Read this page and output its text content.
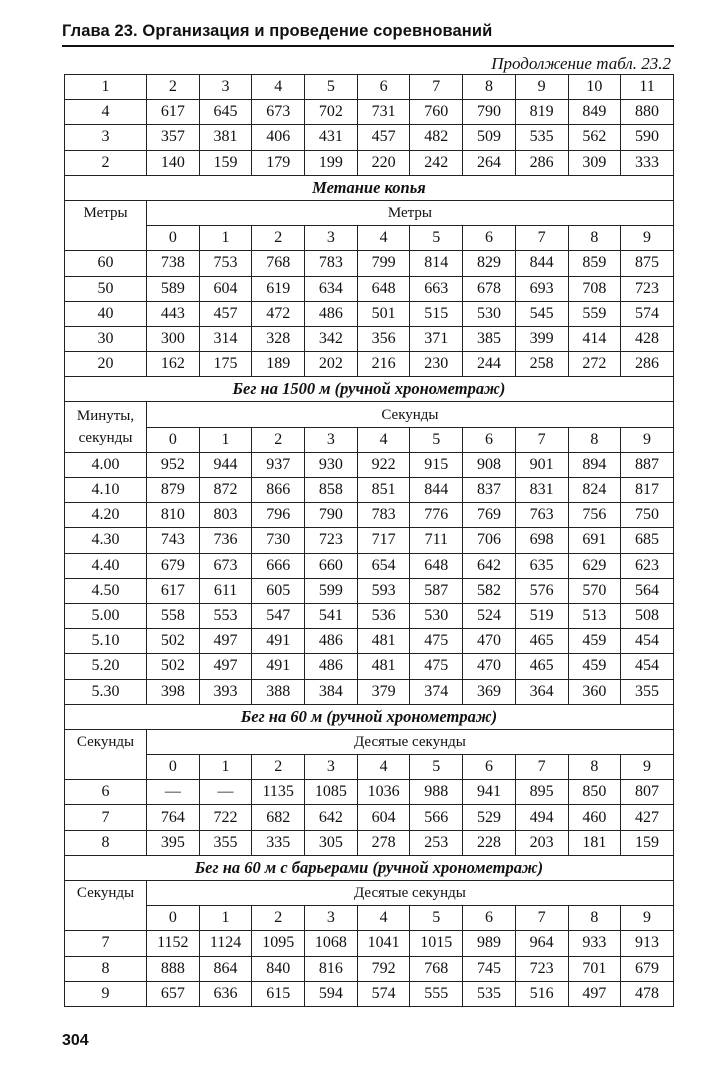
Глава 23. Организация и проведение соревнований
Продолжение табл. 23.2
1	2	3	4	5	6	7	8	9	10	11
4	617	645	673	702	731	760	790	819	849	880
3	357	381	406	431	457	482	509	535	562	590
2	140	159	179	199	220	242	264	286	309	333
Метание копья										
Метры	Метры									
	0	1	2	3	4	5	6	7	8	9
60	738	753	768	783	799	814	829	844	859	875
50	589	604	619	634	648	663	678	693	708	723
40	443	457	472	486	501	515	530	545	559	574
30	300	314	328	342	356	371	385	399	414	428
20	162	175	189	202	216	230	244	258	272	286
Бег на 1500 м (ручной хронометраж)										

Минуты,
секунды	Секунды									
	0	1	2	3	4	5	6	7	8	9
4.00	952	944	937	930	922	915	908	901	894	887
4.10	879	872	866	858	851	844	837	831	824	817
4.20	810	803	796	790	783	776	769	763	756	750
4.30	743	736	730	723	717	711	706	698	691	685
4.40	679	673	666	660	654	648	642	635	629	623
4.50	617	611	605	599	593	587	582	576	570	564
5.00	558	553	547	541	536	530	524	519	513	508
5.10	502	497	491	486	481	475	470	465	459	454
5.20	502	497	491	486	481	475	470	465	459	454
5.30	398	393	388	384	379	374	369	364	360	355
Бег на 60 м (ручной хронометраж)										
Секунды	Десятые секунды									
	0	1	2	3	4	5	6	7	8	9
6	—	—	1135	1085	1036	988	941	895	850	807
7	764	722	682	642	604	566	529	494	460	427
8	395	355	335	305	278	253	228	203	181	159
Бег на 60 м с барьерами (ручной хронометраж)										
Секунды	Десятые секунды									
	0	1	2	3	4	5	6	7	8	9
7	1152	1124	1095	1068	1041	1015	989	964	933	913
8	888	864	840	816	792	768	745	723	701	679
9	657	636	615	594	574	555	535	516	497	478
304
